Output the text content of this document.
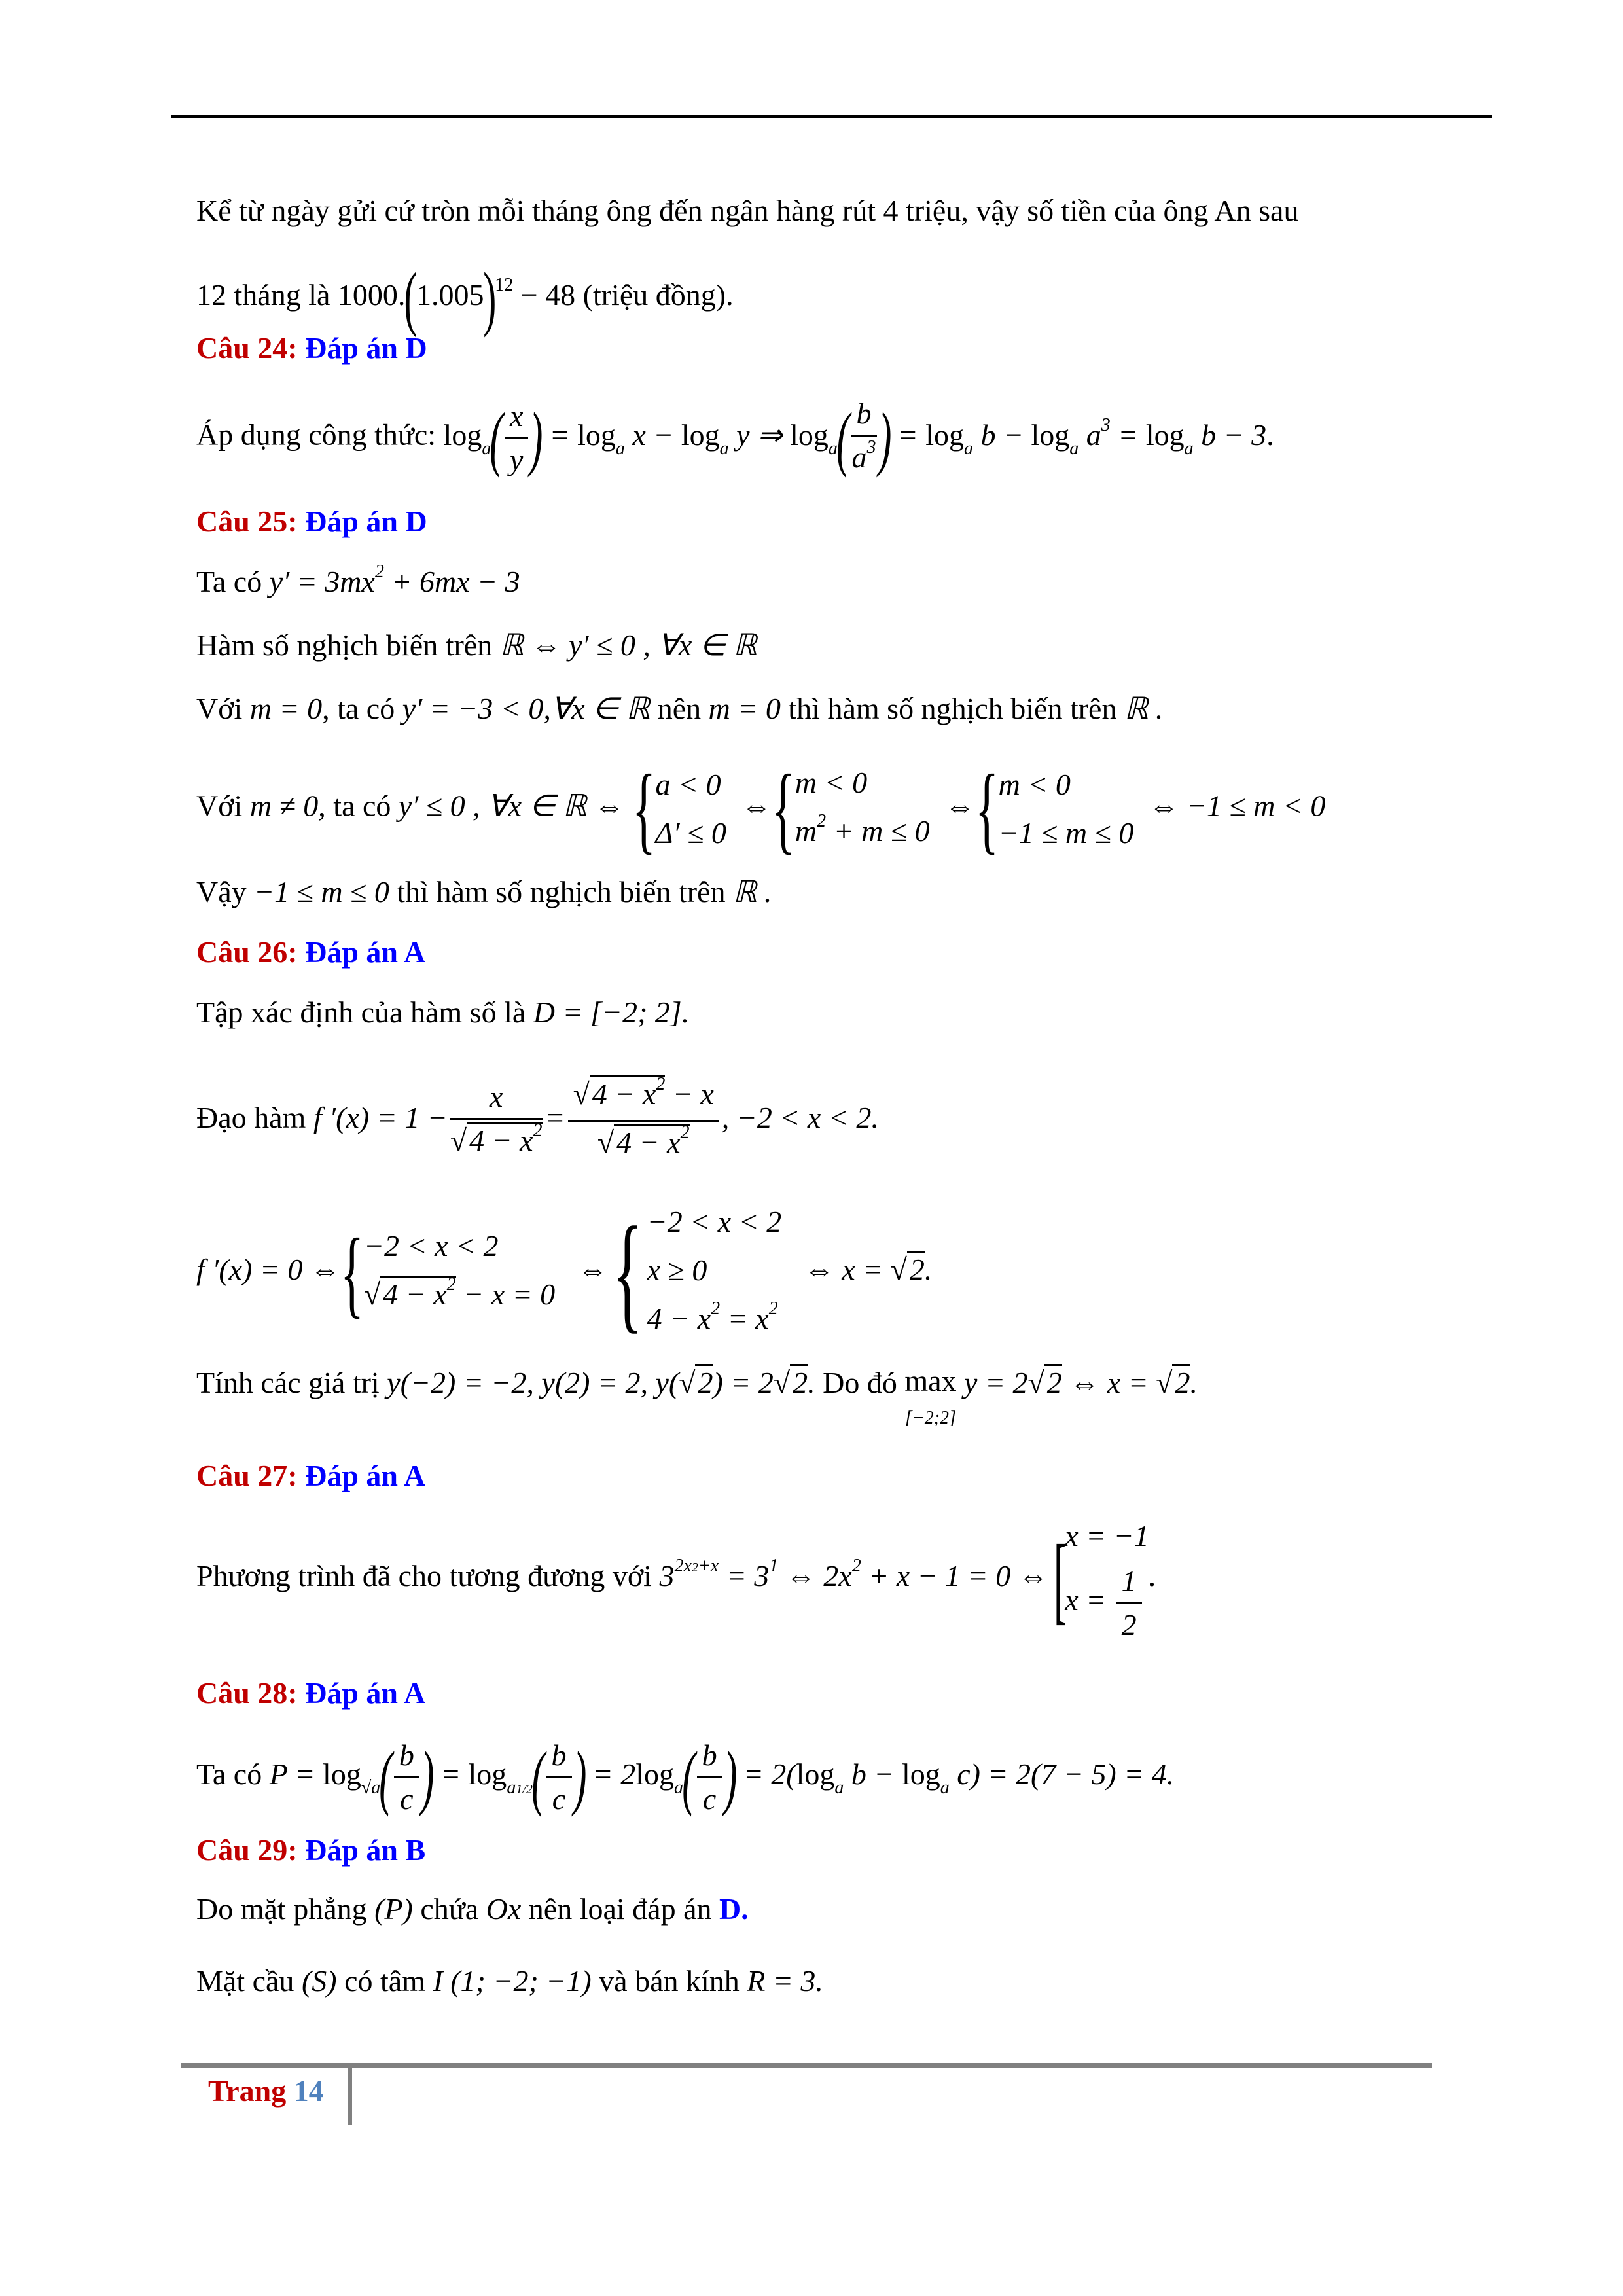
Kể từ ngày gửi cứ tròn mỗi tháng ông đến ngân hàng rút 4 triệu, vậy số tiền của ông An sau
12 tháng là $1000.(1.005)^{12} - 48$ (triệu đồng).
Câu 24: Đáp án D
Áp dụng công thức: $\log_a( \frac{x}{y}$ ) = $\log_a x - \log_a y$ ⇒ $\log_a( \frac{b}{a^3}$ ) = $\log_a b - \log_a a^3 = \log_a b - 3$.
Câu 25: Đáp án D
Ta có $y' = 3mx^2 + 6mx - 3$
Hàm số nghịch biến trên ℝ ⇔ y′ ≤ 0 , ∀x ∈ ℝ
Với m = 0, ta có y′ = −3 < 0,∀x ∈ ℝ nên m = 0 thì hàm số nghịch biến trên ℝ .
Với m ≠ 0, ta có y′ ≤ 0 , ∀x ∈ ℝ ⇔ { a < 0
Δ′ ≤ 0
⇔{ m < 0
$m^2 + m \le 0$
⇔{ m < 0
−1 ≤ m ≤ 0
⇔ −1 ≤ m < 0
Vậy −1 ≤ m ≤ 0 thì hàm số nghịch biến trên ℝ .
Câu 26: Đáp án A
Tập xác định của hàm số là D = [−2; 2].
Đạo hàm f $'(x) = 1 - \frac{x}{√4 - x^2} = \frac{√4 - x^2 - x}{√4 - x^2}$ , −2 < x < 2.
f ′(x) = 0 ⇔{ −2 < x < 2
$√4 - x^2 - x = 0$
⇔{ −2 < x < 2
x ≥ 0
$4 - x^2 = x^2$
⇔ x = √2.
Tính các giá trị y(−2) = −2, y(2) = 2, y(√2) = 2√2. Do đó max
[−2;2] y = 2√2 ⇔ x = √2.
Câu 27: Đáp án A
Phương trình đã cho tương đương với $3^{2x2+x} = 3^1$ ⇔ $2x^2 + x - 1 = 0$ ⇔ [
x = −1
$x = \frac{1}{2}$ .
Câu 28: Đáp án A
Ta có $P = \log_{√a}( \frac{b}{c}$ ) = $\log_{a1/2}( \frac{b}{c}$ ) = $2\log_a( \frac{b}{c}$ ) = $2(\log_a$ $b - \log_a c) = 2(7 - 5) = 4$.
Câu 29: Đáp án B
Do mặt phẳng (P) chứa Ox nên loại đáp án D.
Mặt cầu (S) có tâm I (1; −2; −1) và bán kính R = 3.
Trang 14
